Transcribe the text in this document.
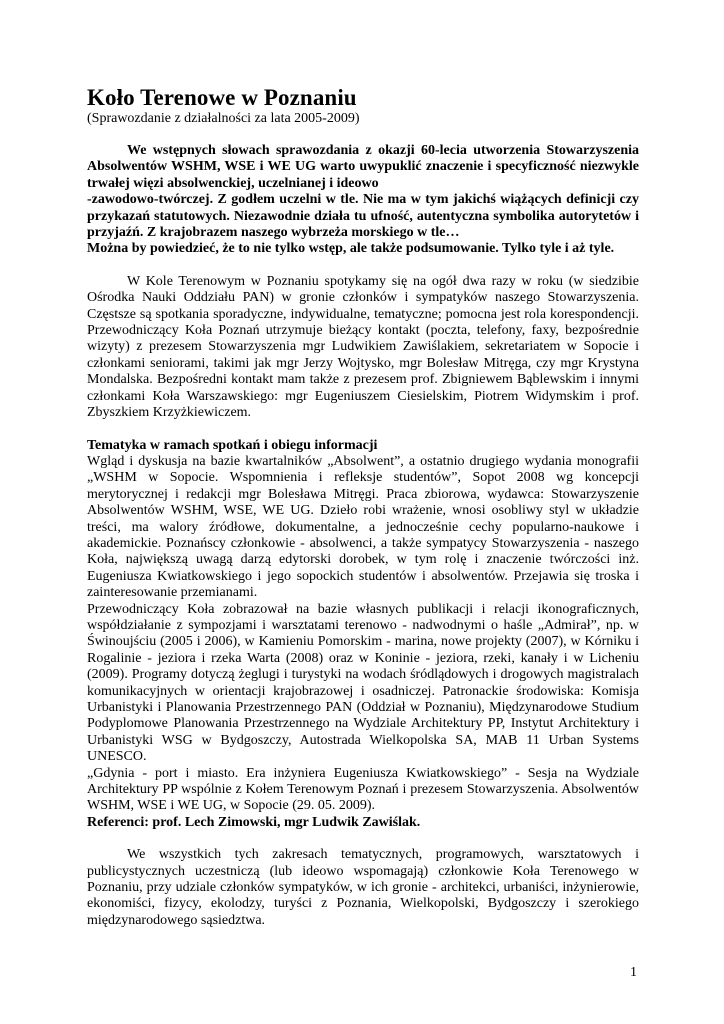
Koło Terenowe w Poznaniu
(Sprawozdanie z działalności za lata 2005-2009)

We wstępnych słowach sprawozdania z okazji 60-lecia utworzenia Stowarzyszenia Absolwentów WSHM, WSE i WE UG warto uwypuklić znaczenie i specyficzność niezwykle trwałej więzi absolwenckiej, uczelnianej i ideowo

-zawodowo-twórczej. Z godłem uczelni w tle. Nie ma w tym jakichś wiążących definicji czy przykazań statutowych. Niezawodnie działa tu ufność, autentyczna symbolika autorytetów i przyjaźń. Z krajobrazem naszego wybrzeża morskiego w tle…

Można by powiedzieć, że to nie tylko wstęp, ale także podsumowanie. Tylko tyle i aż tyle.

W Kole Terenowym w Poznaniu spotykamy się na ogół dwa razy w roku (w siedzibie Ośrodka Nauki Oddziału PAN) w gronie członków i sympatyków naszego Stowarzyszenia. Częstsze są spotkania sporadyczne, indywidualne, tematyczne; pomocna jest rola korespondencji. Przewodniczący Koła Poznań utrzymuje bieżący kontakt (poczta, telefony, faxy, bezpośrednie wizyty) z prezesem Stowarzyszenia mgr Ludwikiem Zawiślakiem, sekretariatem w Sopocie i członkami seniorami, takimi jak mgr Jerzy Wojtysko, mgr Bolesław Mitręga, czy mgr Krystyna Mondalska. Bezpośredni kontakt mam także z prezesem prof. Zbigniewem Bąblewskim i innymi członkami Koła Warszawskiego: mgr Eugeniuszem Ciesielskim, Piotrem Widymskim i prof. Zbyszkiem Krzyżkiewiczem.

Tematyka w ramach spotkań i obiegu informacji

Wgląd i dyskusja na bazie kwartalników „Absolwent”, a ostatnio drugiego wydania monografii „WSHM w Sopocie. Wspomnienia i refleksje studentów”, Sopot 2008 wg koncepcji merytorycznej i redakcji mgr Bolesława Mitręgi. Praca zbiorowa, wydawca: Stowarzyszenie Absolwentów WSHM, WSE, WE UG. Dzieło robi wrażenie, wnosi osobliwy styl w układzie treści, ma walory źródłowe, dokumentalne, a jednocześnie cechy popularno-naukowe i akademickie. Poznańscy członkowie - absolwenci, a także sympatycy Stowarzyszenia - naszego Koła, największą uwagą darzą edytorski dorobek, w tym rolę i znaczenie twórczości inż. Eugeniusza Kwiatkowskiego i jego sopockich studentów i absolwentów. Przejawia się troska i zainteresowanie przemianami.

Przewodniczący Koła zobrazował na bazie własnych publikacji i relacji ikonograficznych, współdziałanie z sympozjami i warsztatami terenowo - nadwodnymi o haśle „Admirał”, np. w Świnoujściu (2005 i 2006), w Kamieniu Pomorskim - marina, nowe projekty (2007), w Kórniku i Rogalinie - jeziora i rzeka Warta (2008) oraz w Koninie - jeziora, rzeki, kanały i w Licheniu (2009). Programy dotyczą żeglugi i turystyki na wodach śródlądowych i drogowych magistralach komunikacyjnych w orientacji krajobrazowej i osadniczej. Patronackie środowiska: Komisja Urbanistyki i Planowania Przestrzennego PAN (Oddział w Poznaniu), Międzynarodowe Studium Podyplomowe Planowania Przestrzennego na Wydziale Architektury PP, Instytut Architektury i Urbanistyki WSG w Bydgoszczy, Autostrada Wielkopolska SA, MAB 11 Urban Systems UNESCO.

„Gdynia - port i miasto. Era inżyniera Eugeniusza Kwiatkowskiego” - Sesja na Wydziale Architektury PP wspólnie z Kołem Terenowym Poznań i prezesem Stowarzyszenia. Absolwentów WSHM, WSE i WE UG, w Sopocie (29. 05. 2009).

Referenci: prof. Lech Zimowski, mgr Ludwik Zawiślak.

We wszystkich tych zakresach tematycznych, programowych, warsztatowych i publicystycznych uczestniczą (lub ideowo wspomagają) członkowie Koła Terenowego w Poznaniu, przy udziale członków sympatyków, w ich gronie - architekci, urbaniści, inżynierowie, ekonomiści, fizycy, ekolodzy, turyści z Poznania, Wielkopolski, Bydgoszczy i szerokiego międzynarodowego sąsiedztwa.

1
